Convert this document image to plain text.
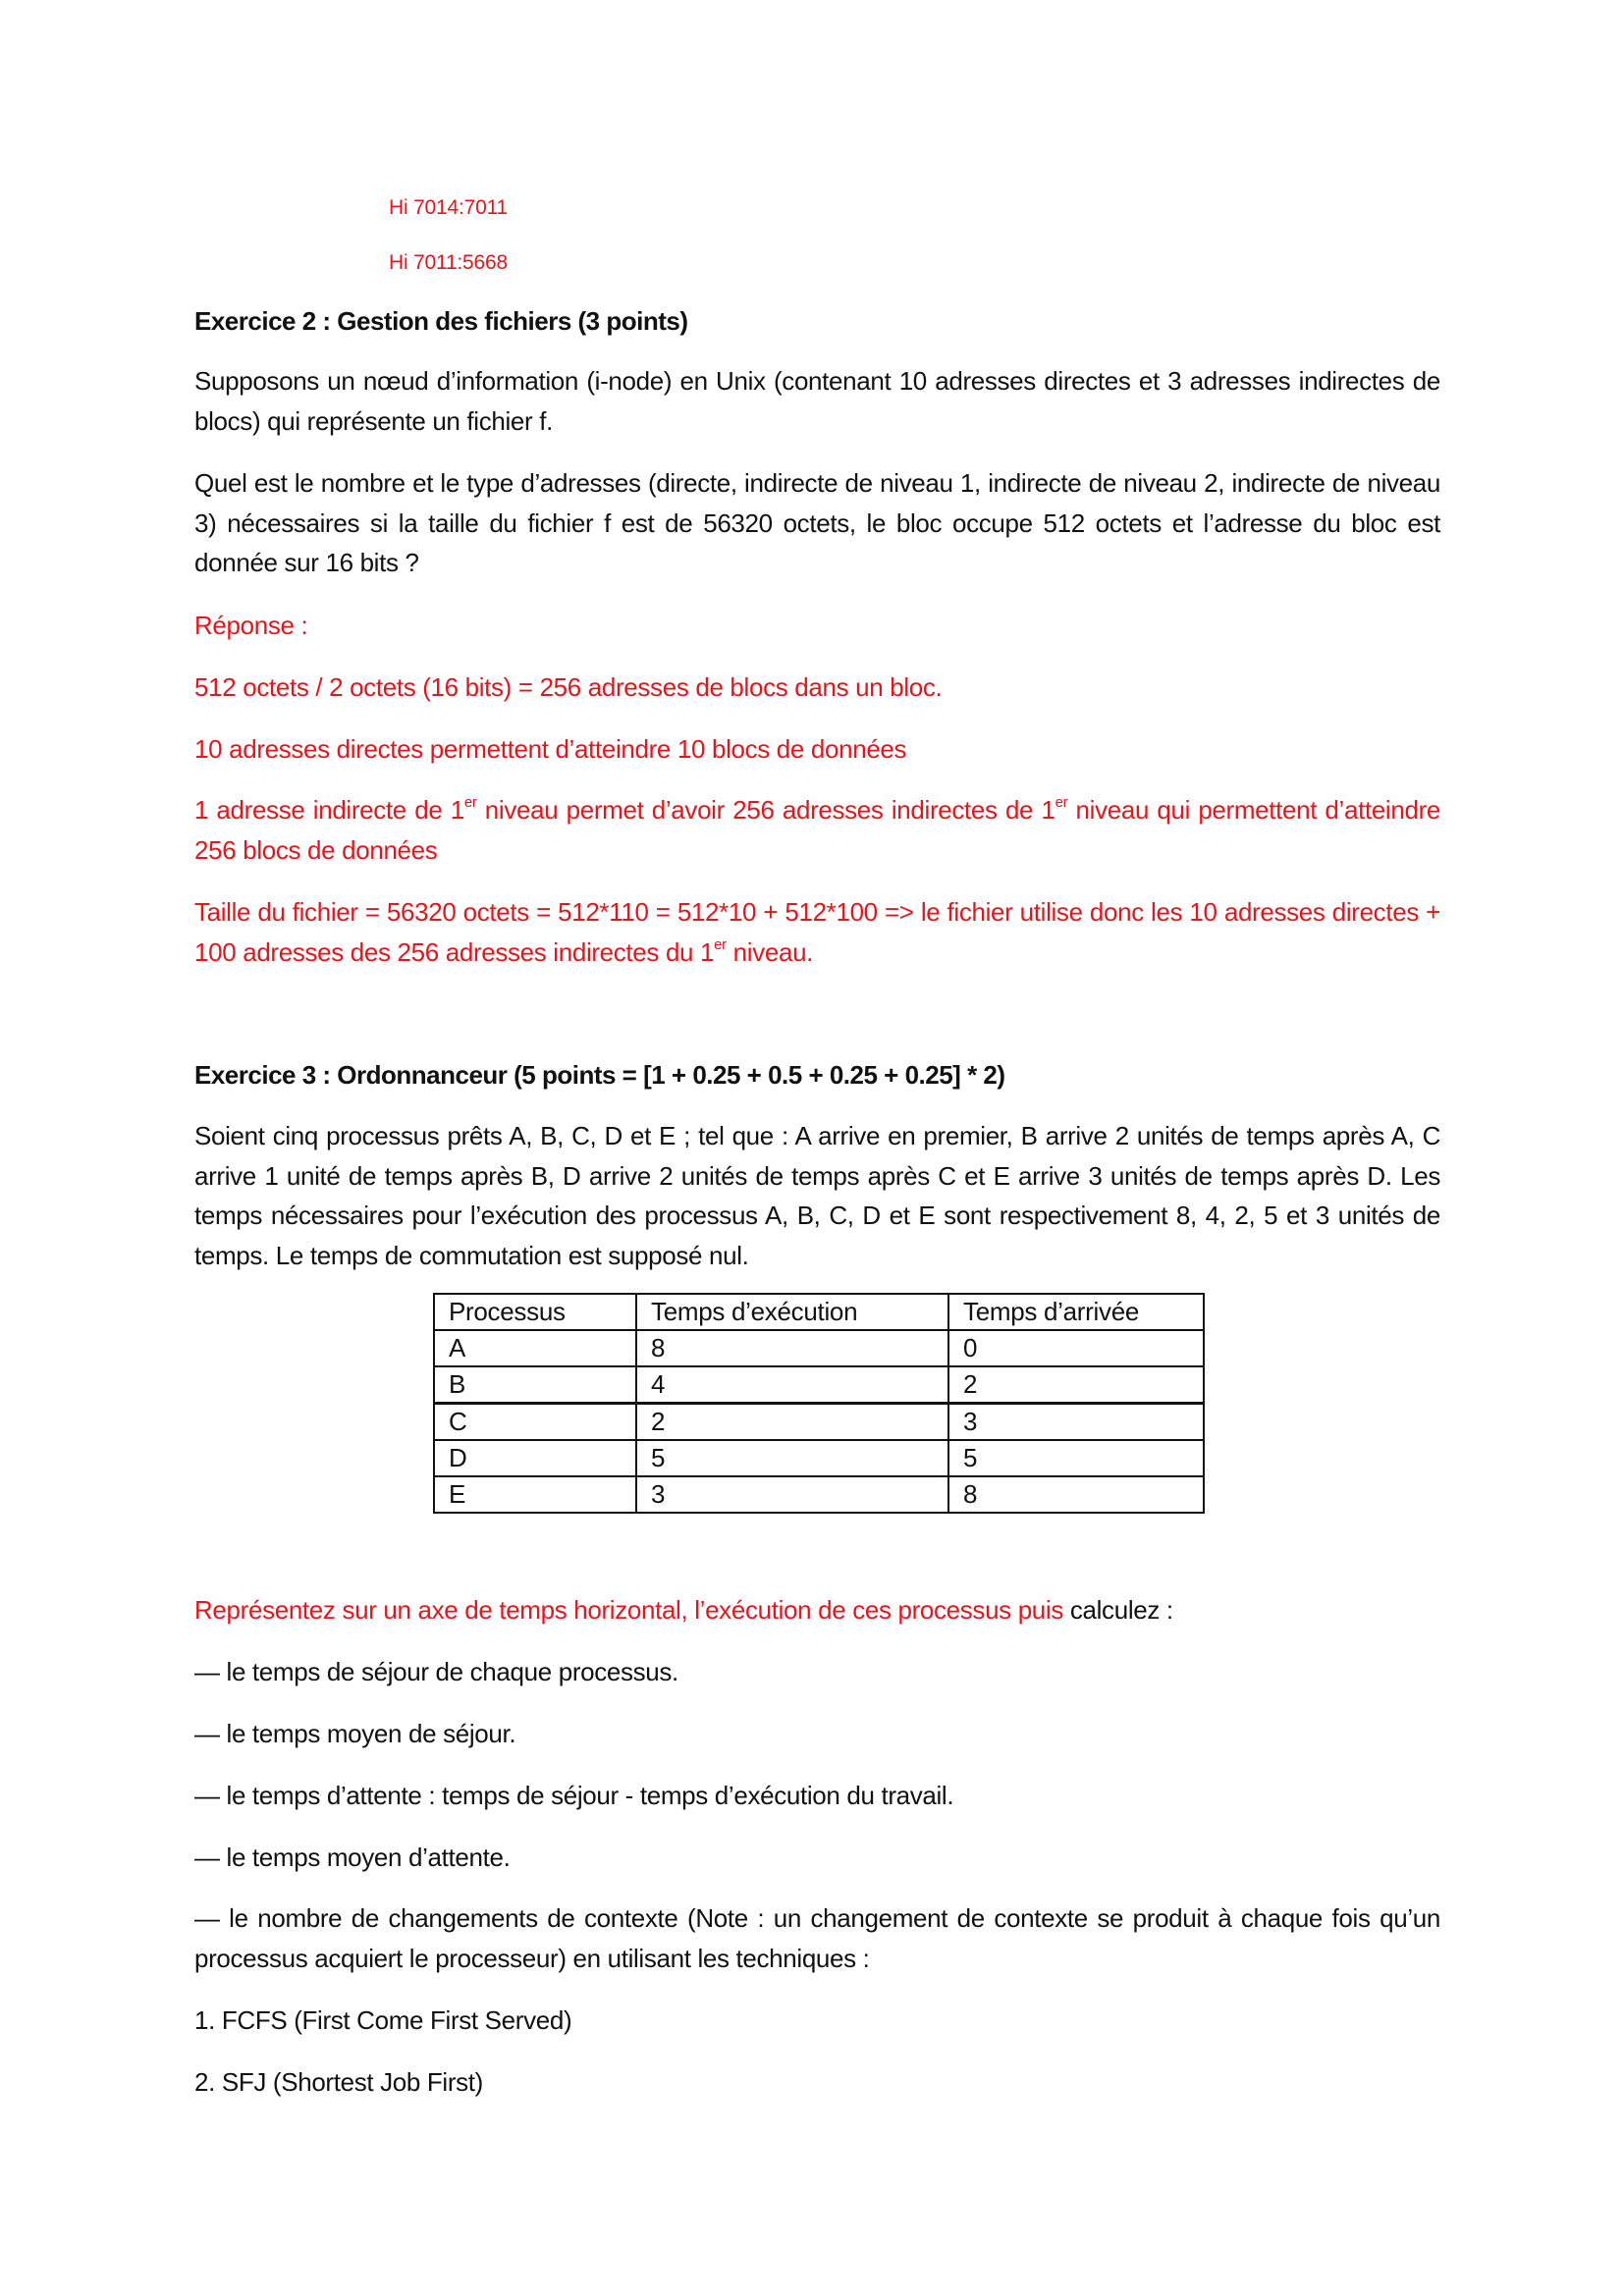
Hi 7014:7011
Hi 7011:5668
Exercice 2 : Gestion des fichiers (3 points)
Supposons un nœud d’information (i-node) en Unix (contenant 10 adresses directes et 3 adresses indirectes de blocs) qui représente un fichier f.
Quel est le nombre et le type d’adresses (directe, indirecte de niveau 1, indirecte de niveau 2, indirecte de niveau 3) nécessaires si la taille du fichier f est de 56320 octets, le bloc occupe 512 octets et l’adresse du bloc est donnée sur 16 bits ?
Réponse :
512 octets / 2 octets (16 bits) = 256 adresses de blocs dans un bloc.
10 adresses directes permettent d’atteindre 10 blocs de données
1 adresse indirecte de 1er niveau permet d’avoir 256 adresses indirectes de 1er niveau qui permettent d’atteindre 256 blocs de données
Taille du fichier = 56320 octets = 512*110 = 512*10 + 512*100 => le fichier utilise donc les 10 adresses directes + 100 adresses des 256 adresses indirectes du 1er niveau.
Exercice 3 : Ordonnanceur (5 points = [1 + 0.25 + 0.5 + 0.25 + 0.25] * 2)
Soient cinq processus prêts A, B, C, D et E ; tel que : A arrive en premier, B arrive 2 unités de temps après A, C arrive 1 unité de temps après B, D arrive 2 unités de temps après C et E arrive 3 unités de temps après D. Les temps nécessaires pour l’exécution des processus A, B, C, D et E sont respectivement 8, 4, 2, 5 et 3 unités de temps. Le temps de commutation est supposé nul.
Processus	Temps d’exécution	Temps d’arrivée
A	8	0
B	4	2
C	2	3
D	5	5
E	3	8
Représentez sur un axe de temps horizontal, l’exécution de ces processus puis calculez :
— le temps de séjour de chaque processus.
— le temps moyen de séjour.
— le temps d’attente : temps de séjour - temps d’exécution du travail.
— le temps moyen d’attente.
— le nombre de changements de contexte (Note : un changement de contexte se produit à chaque fois qu’un processus acquiert le processeur) en utilisant les techniques :
1. FCFS (First Come First Served)
2. SFJ (Shortest Job First)
